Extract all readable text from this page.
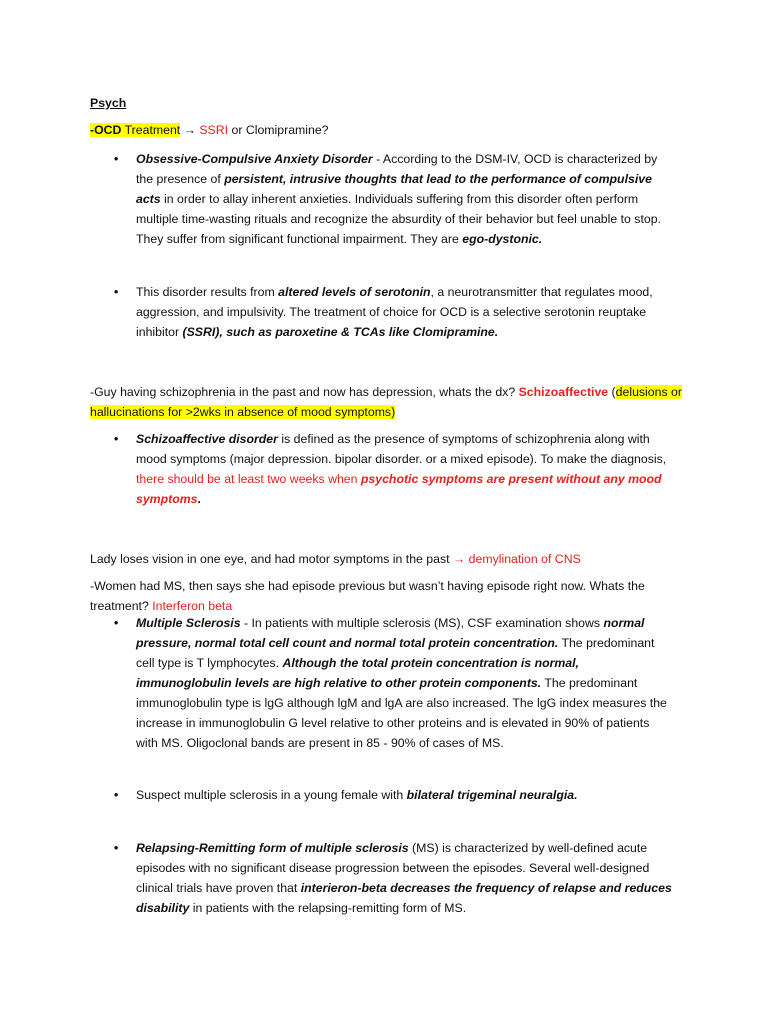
Psych

-OCD Treatment → SSRI or Clomipramine?

• Obsessive-Compulsive Anxiety Disorder - According to the DSM-IV, OCD is characterized by the presence of persistent, intrusive thoughts that lead to the performance of compulsive acts in order to allay inherent anxieties. Individuals suffering from this disorder often perform multiple time-wasting rituals and recognize the absurdity of their behavior but feel unable to stop. They suffer from significant functional impairment. They are ego-dystonic.
• This disorder results from altered levels of serotonin, a neurotransmitter that regulates mood, aggression, and impulsivity. The treatment of choice for OCD is a selective serotonin reuptake inhibitor (SSRI), such as paroxetine & TCAs like Clomipramine.

-Guy having schizophrenia in the past and now has depression, whats the dx? Schizoaffective (delusions or hallucinations for >2wks in absence of mood symptoms)

• Schizoaffective disorder is defined as the presence of symptoms of schizophrenia along with mood symptoms (major depression. bipolar disorder. or a mixed episode). To make the diagnosis, there should be at least two weeks when psychotic symptoms are present without any mood symptoms.

Lady loses vision in one eye, and had motor symptoms in the past → demylination of CNS

-Women had MS, then says she had episode previous but wasn’t having episode right now. Whats the treatment? Interferon beta

• Multiple Sclerosis - In patients with multiple sclerosis (MS), CSF examination shows normal pressure, normal total cell count and normal total protein concentration. The predominant cell type is T lymphocytes. Although the total protein concentration is normal, immunoglobulin levels are high relative to other protein components. The predominant immunoglobulin type is lgG although lgM and lgA are also increased. The lgG index measures the increase in immunoglobulin G level relative to other proteins and is elevated in 90% of patients with MS. Oligoclonal bands are present in 85 - 90% of cases of MS.
• Suspect multiple sclerosis in a young female with bilateral trigeminal neuralgia.
• Relapsing-Remitting form of multiple sclerosis (MS) is characterized by well-defined acute episodes with no significant disease progression between the episodes. Several well-designed clinical trials have proven that interieron-beta decreases the frequency of relapse and reduces disability in patients with the relapsing-remitting form of MS.
